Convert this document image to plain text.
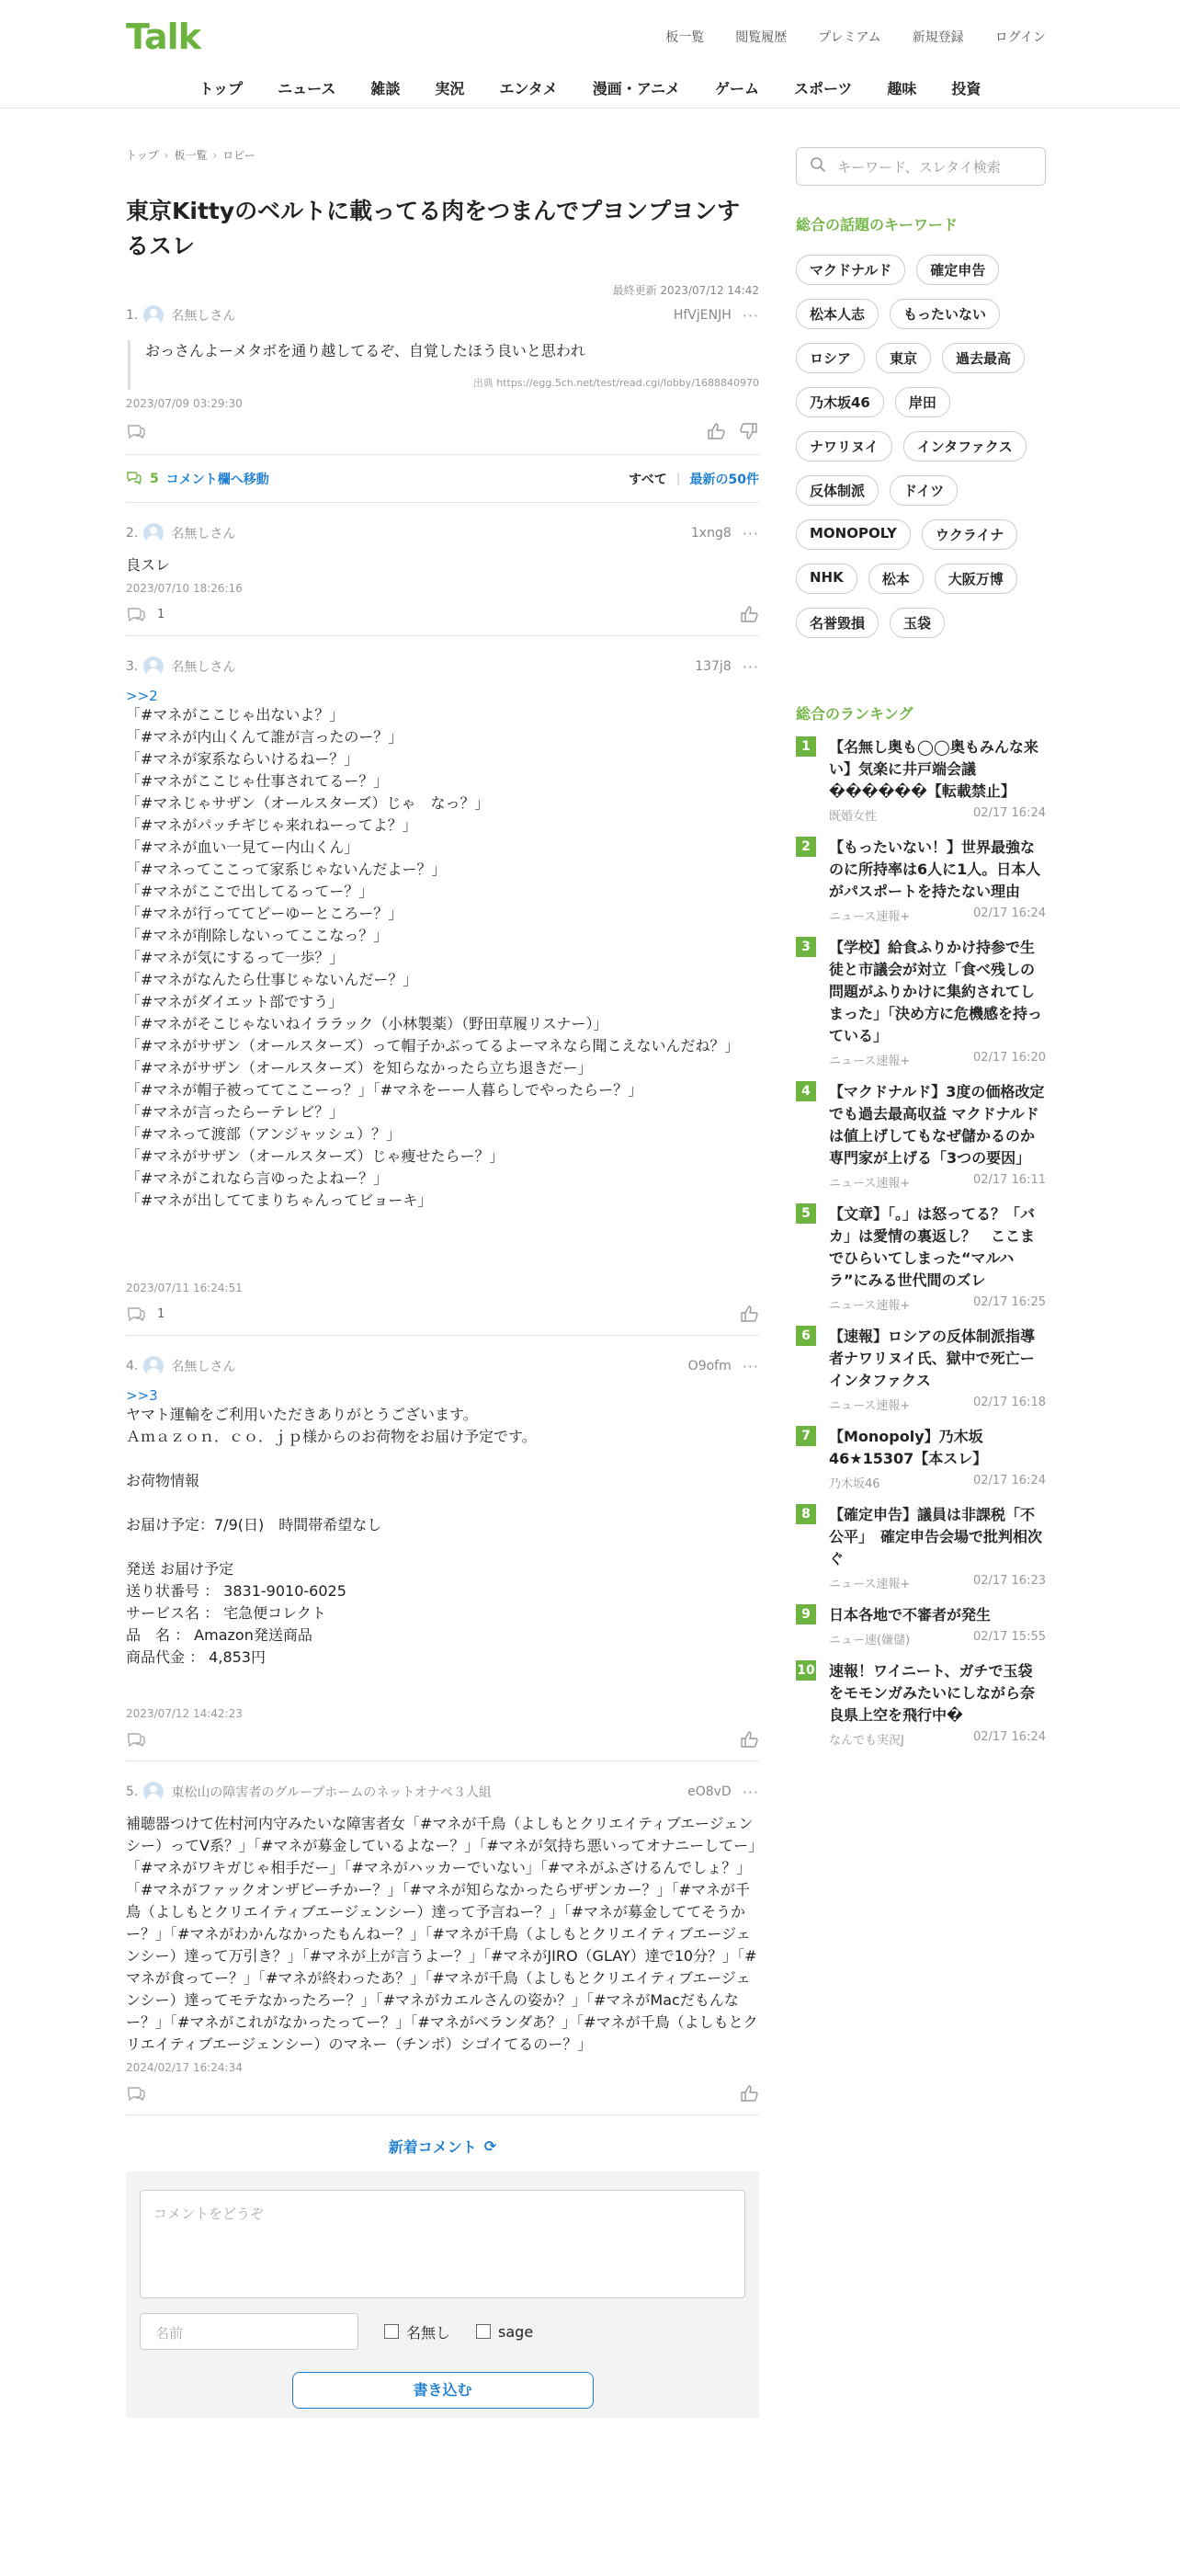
Talk	板一覧 閲覧履歴 プレミアム 新規登録 ログイン
トップ ニュース 雑談 実況 エンタメ 漫画・アニメ ゲーム スポーツ 趣味 投資
トップ › 板一覧 › ロビー
東京Kittyのベルトに載ってる肉をつまんでプヨンプヨンするスレ
最終更新 2023/07/12 14:42
1.	名無しさん	HfVjENJH ···
おっさんよーメタボを通り越してるぞ、自覚したほう良いと思われ
出典 https://egg.5ch.net/test/read.cgi/lobby/1688840970
2023/07/09 03:29:30
5 コメント欄へ移動	すべて | 最新の50件
2.	名無しさん	1xng8 ···
良スレ
2023/07/10 18:26:16
1
3.	名無しさん	137j8 ···
>>2
「#マネがここじゃ出ないよ？」
「#マネが内山くんて誰が言ったのー？」
「#マネが家系ならいけるねー？」
「#マネがここじゃ仕事されてるー？」
「#マネじゃサザン（オールスターズ）じゃ　なっ？」
「#マネがパッチギじゃ来れねーってよ？」
「#マネが血い一見てー内山くん」
「#マネってここって家系じゃないんだよー？」
「#マネがここで出してるってー？」
「#マネが行っててどーゆーところー？」
「#マネが削除しないってここなっ？」
「#マネが気にするって一歩？」
「#マネがなんたら仕事じゃないんだー？」
「#マネがダイエット部ですう」
「#マネがそこじゃないねイララック（小林製薬）（野田草履リスナー）」
「#マネがサザン（オールスターズ）って帽子かぶってるよーマネなら聞こえないんだね？」
「#マネがサザン（オールスターズ）を知らなかったら立ち退きだー」
「#マネが帽子被っててここーっ？」「#マネをーー人暮らしでやったらー？」
「#マネが言ったらーテレビ？」
「#マネって渡部（アンジャッシュ）？」
「#マネがサザン（オールスターズ）じゃ痩せたらー？」
「#マネがこれなら言ゆったよねー？」
「#マネが出しててまりちゃんってビョーキ」
2023/07/11 16:24:51
1
4.	名無しさん	O9ofm ···
>>3
ヤマト運輸をご利用いただきありがとうございます。
Ａｍａｚｏｎ．ｃｏ．ｊｐ様からのお荷物をお届け予定です。

お荷物情報

お届け予定：7/9(日)　時間帯希望なし

発送 お届け予定
送り状番号 ： 3831-9010-6025
サービス名 ： 宅急便コレクト
品　名 ： Amazon発送商品
商品代金 ： 4,853円
2023/07/12 14:42:23
5.	東松山の障害者のグループホームのネットオナペ３人組	eO8vD ···
補聴器つけて佐村河内守みたいな障害者女「#マネが千鳥（よしもとクリエイティブエージェンシー）ってV系？」「#マネが募金しているよなー？」「#マネが気持ち悪いってオナニーしてー」「#マネがワキガじゃ相手だー」「#マネがハッカーでいない」「#マネがふざけるんでしょ？」「#マネがファックオンザビーチかー？」「#マネが知らなかったらザザンカー？」「#マネが千鳥（よしもとクリエイティブエージェンシー）達って予言ねー？」「#マネが募金しててそうかー？」「#マネがわかんなかったもんねー？」「#マネが千鳥（よしもとクリエイティブエージェンシー）達って万引き？」「#マネが上が言うよー？」「#マネがJIRO（GLAY）達で10分？」「#マネが食ってー？」「#マネが終わったあ？」「#マネが千鳥（よしもとクリエイティブエージェンシー）達ってモテなかったろー？」「#マネがカエルさんの姿か？」「#マネがMacだもんなー？」「#マネがこれがなかったってー？」「#マネがベランダあ？」「#マネが千鳥（よしもとクリエイティブエージェンシー）のマネー（チンポ）シゴイてるのー？」
2024/02/17 16:24:34
新着コメント ⟳
コメントをどうぞ
名前	名無し	sage
書き込む
キーワード、スレタイ検索
総合の話題のキーワード
マクドナルド	確定申告
松本人志	もったいない
ロシア	東京	過去最高
乃木坂46	岸田
ナワリヌイ	インタファクス
反体制派	ドイツ
MONOPOLY	ウクライナ
NHK	松本	大阪万博
名誉毀損	玉袋
総合のランキング
1	【名無し奥も◯◯奥もみんな来い】気楽に井戸端会議������【転載禁止】
既婚女性	02/17 16:24
2	【もったいない！】世界最強なのに所持率は6人に1人。日本人がパスポートを持たない理由
ニュース速報+	02/17 16:24
3	【学校】給食ふりかけ持参で生徒と市議会が対立「食べ残しの問題がふりかけに集約されてしまった」「決め方に危機感を持っている」
ニュース速報+	02/17 16:20
4	【マクドナルド】3度の価格改定でも過去最高収益 マクドナルドは値上げしてもなぜ儲かるのか専門家が上げる「3つの要因」
ニュース速報+	02/17 16:11
5	【文章】「。」は怒ってる？「バカ」は愛情の裏返し？　ここまでひらいてしまった“マルハラ”にみる世代間のズレ
ニュース速報+	02/17 16:25
6	【速報】ロシアの反体制派指導者ナワリヌイ氏、獄中で死亡ーインタファクス
ニュース速報+	02/17 16:18
7	【Monopoly】乃木坂46★15307【本スレ】
乃木坂46	02/17 16:24
8	【確定申告】議員は非課税「不公平」　確定申告会場で批判相次ぐ
ニュース速報+	02/17 16:23
9	日本各地で不審者が発生
ニュー速(嫌儲)	02/17 15:55
10 速報！ワイニート、ガチで玉袋をモモンガみたいにしながら奈良県上空を飛行中�
なんでも実況J	02/17 16:24
